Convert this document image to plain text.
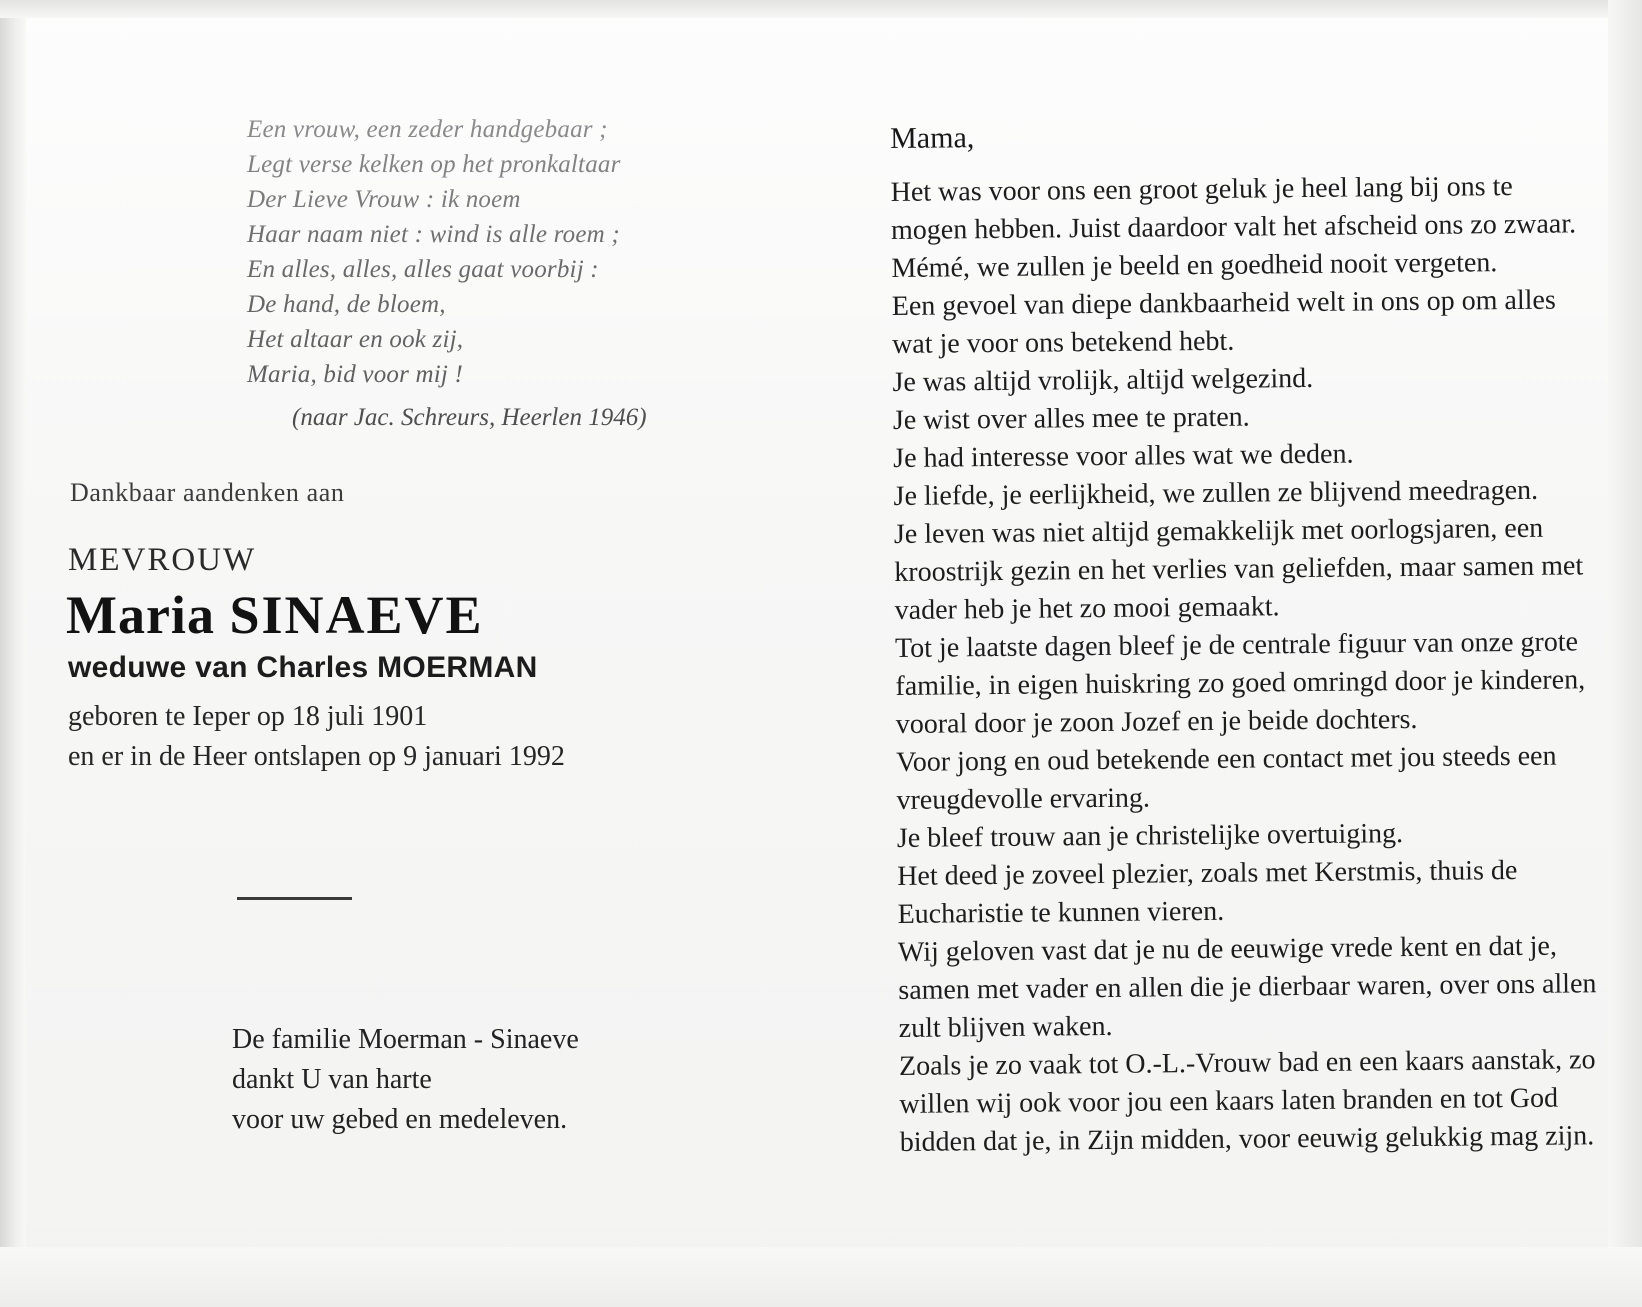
Een vrouw, een zeder handgebaar ;
Legt verse kelken op het pronkaltaar
Der Lieve Vrouw : ik noem
Haar naam niet : wind is alle roem ;
En alles, alles, alles gaat voorbij :
De hand, de bloem,
Het altaar en ook zij,
Maria, bid voor mij !
(naar Jac. Schreurs, Heerlen 1946)
Dankbaar aandenken aan
MEVROUW
Maria SINAEVE
weduwe van Charles MOERMAN
geboren te Ieper op 18 juli 1901
en er in de Heer ontslapen op 9 januari 1992
De familie Moerman - Sinaeve
dankt U van harte
voor uw gebed en medeleven.
Mama,

Het was voor ons een groot geluk je heel lang bij ons te mogen hebben. Juist daardoor valt het afscheid ons zo zwaar.

Mémé, we zullen je beeld en goedheid nooit vergeten.

Een gevoel van diepe dankbaarheid welt in ons op om alles wat je voor ons betekend hebt.

Je was altijd vrolijk, altijd welgezind.

Je wist over alles mee te praten.

Je had interesse voor alles wat we deden.

Je liefde, je eerlijkheid, we zullen ze blijvend meedragen.

Je leven was niet altijd gemakkelijk met oorlogsjaren, een kroostrijk gezin en het verlies van geliefden, maar samen met vader heb je het zo mooi gemaakt.

Tot je laatste dagen bleef je de centrale figuur van onze grote familie, in eigen huiskring zo goed omringd door je kinderen, vooral door je zoon Jozef en je beide dochters.

Voor jong en oud betekende een contact met jou steeds een vreugdevolle ervaring.

Je bleef trouw aan je christelijke overtuiging.

Het deed je zoveel plezier, zoals met Kerstmis, thuis de Eucharistie te kunnen vieren.

Wij geloven vast dat je nu de eeuwige vrede kent en dat je, samen met vader en allen die je dierbaar waren, over ons allen zult blijven waken.

Zoals je zo vaak tot O.-L.-Vrouw bad en een kaars aanstak, zo willen wij ook voor jou een kaars laten branden en tot God bidden dat je, in Zijn midden, voor eeuwig gelukkig mag zijn.
